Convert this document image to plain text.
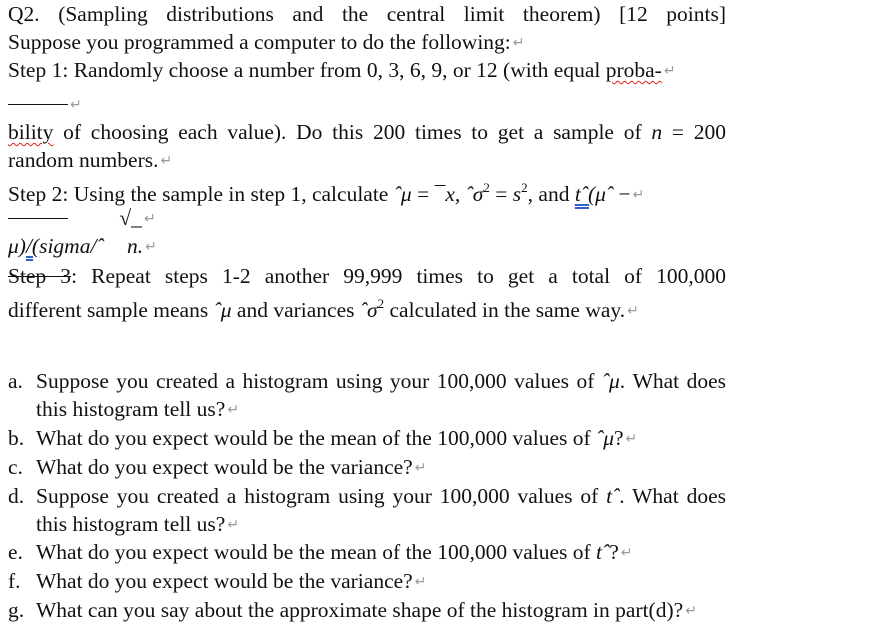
Q2. (Sampling distributions and the central limit theorem) [12 points]
Suppose you programmed a computer to do the following: ↵
Step 1: Randomly choose a number from 0, 3, 6, 9, or 12 (with equal proba- ↵
↵
bility of choosing each value). Do this 200 times to get a sample of n = 200
random numbers. ↵
Step 2: Using the sample in step 1, calculate ˆμ = ¯x, ˆσ$^2$ = $s^2$, and tˆ(μˆ − ↵
√_ ↵
μ)/(sigma/ˆ n. ↵
Step 3: Repeat steps 1-2 another 99,999 times to get a total of 100,000
different sample means ˆμ and variances ˆσ$^2$ calculated in the same way. ↵
a. Suppose you created a histogram using your 100,000 values of ˆμ. What does this histogram tell us? ↵
b. What do you expect would be the mean of the 100,000 values of ˆμ? ↵
c. What do you expect would be the variance? ↵
d. Suppose you created a histogram using your 100,000 values of tˆ. What does this histogram tell us? ↵
e. What do you expect would be the mean of the 100,000 values of tˆ? ↵
f. What do you expect would be the variance? ↵
g. What can you say about the approximate shape of the histogram in part(d)? ↵
